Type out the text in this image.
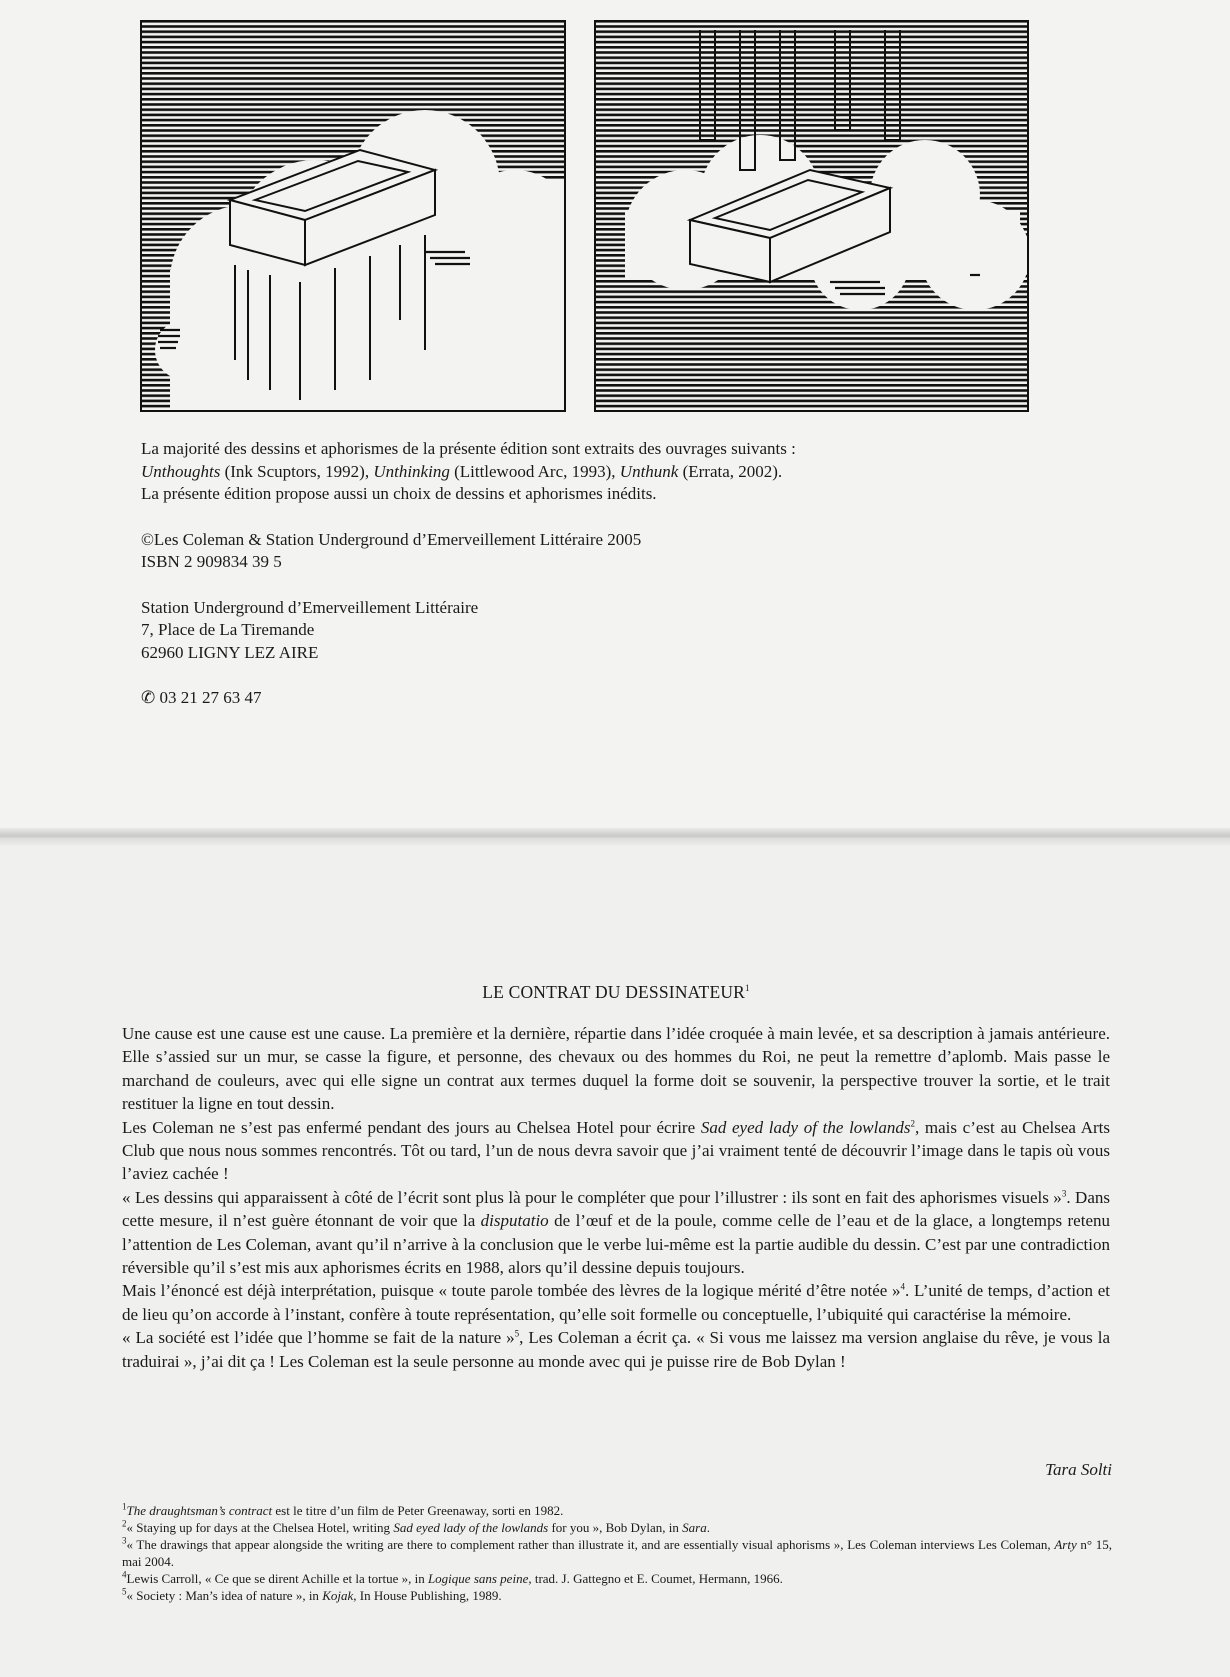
La majorité des dessins et aphorismes de la présente édition sont extraits des ouvrages suivants :

Unthoughts (Ink Scuptors, 1992), Unthinking (Littlewood Arc, 1993), Unthunk (Errata, 2002).

La présente édition propose aussi un choix de dessins et aphorismes inédits.

©Les Coleman & Station Underground d’Emerveillement Littéraire 2005

ISBN 2 909834 39 5

Station Underground d’Emerveillement Littéraire

7, Place de La Tiremande

62960 LIGNY LEZ AIRE

✆ 03 21 27 63 47

LE CONTRAT DU DESSINATEUR$^1$

Une cause est une cause est une cause. La première et la dernière, répartie dans l’idée croquée à main levée, et sa description à jamais antérieure. Elle s’assied sur un mur, se casse la figure, et personne, des chevaux ou des hommes du Roi, ne peut la remettre d’aplomb. Mais passe le marchand de couleurs, avec qui elle signe un contrat aux termes duquel la forme doit se souvenir, la perspective trouver la sortie, et le trait restituer la ligne en tout dessin.

Les Coleman ne s’est pas enfermé pendant des jours au Chelsea Hotel pour écrire Sad eyed lady of the lowlands$^2$, mais c’est au Chelsea Arts Club que nous nous sommes rencontrés. Tôt ou tard, l’un de nous devra savoir que j’ai vraiment tenté de découvrir l’image dans le tapis où vous l’aviez cachée !

« Les dessins qui apparaissent à côté de l’écrit sont plus là pour le compléter que pour l’illustrer : ils sont en fait des aphorismes visuels »$^3$. Dans cette mesure, il n’est guère étonnant de voir que la disputatio de l’œuf et de la poule, comme celle de l’eau et de la glace, a longtemps retenu l’attention de Les Coleman, avant qu’il n’arrive à la conclusion que le verbe lui-même est la partie audible du dessin. C’est par une contradiction réversible qu’il s’est mis aux aphorismes écrits en 1988, alors qu’il dessine depuis toujours.

Mais l’énoncé est déjà interprétation, puisque « toute parole tombée des lèvres de la logique mérité d’être notée »$^4$. L’unité de temps, d’action et de lieu qu’on accorde à l’instant, confère à toute représentation, qu’elle soit formelle ou conceptuelle, l’ubiquité qui caractérise la mémoire.

« La société est l’idée que l’homme se fait de la nature »$^5$, Les Coleman a écrit ça. « Si vous me laissez ma version anglaise du rêve, je vous la traduirai », j’ai dit ça ! Les Coleman est la seule personne au monde avec qui je puisse rire de Bob Dylan !

Tara Solti

$^1$The draughtsman’s contract est le titre d’un film de Peter Greenaway, sorti en 1982.

$^2$« Staying up for days at the Chelsea Hotel, writing Sad eyed lady of the lowlands for you », Bob Dylan, in Sara.

$^3$« The drawings that appear alongside the writing are there to complement rather than illustrate it, and are essentially visual aphorisms », Les Coleman interviews Les Coleman, Arty n° 15, mai 2004.

$^4$Lewis Carroll, « Ce que se dirent Achille et la tortue », in Logique sans peine, trad. J. Gattegno et E. Coumet, Hermann, 1966.

$^5$« Society : Man’s idea of nature », in Kojak, In House Publishing, 1989.
